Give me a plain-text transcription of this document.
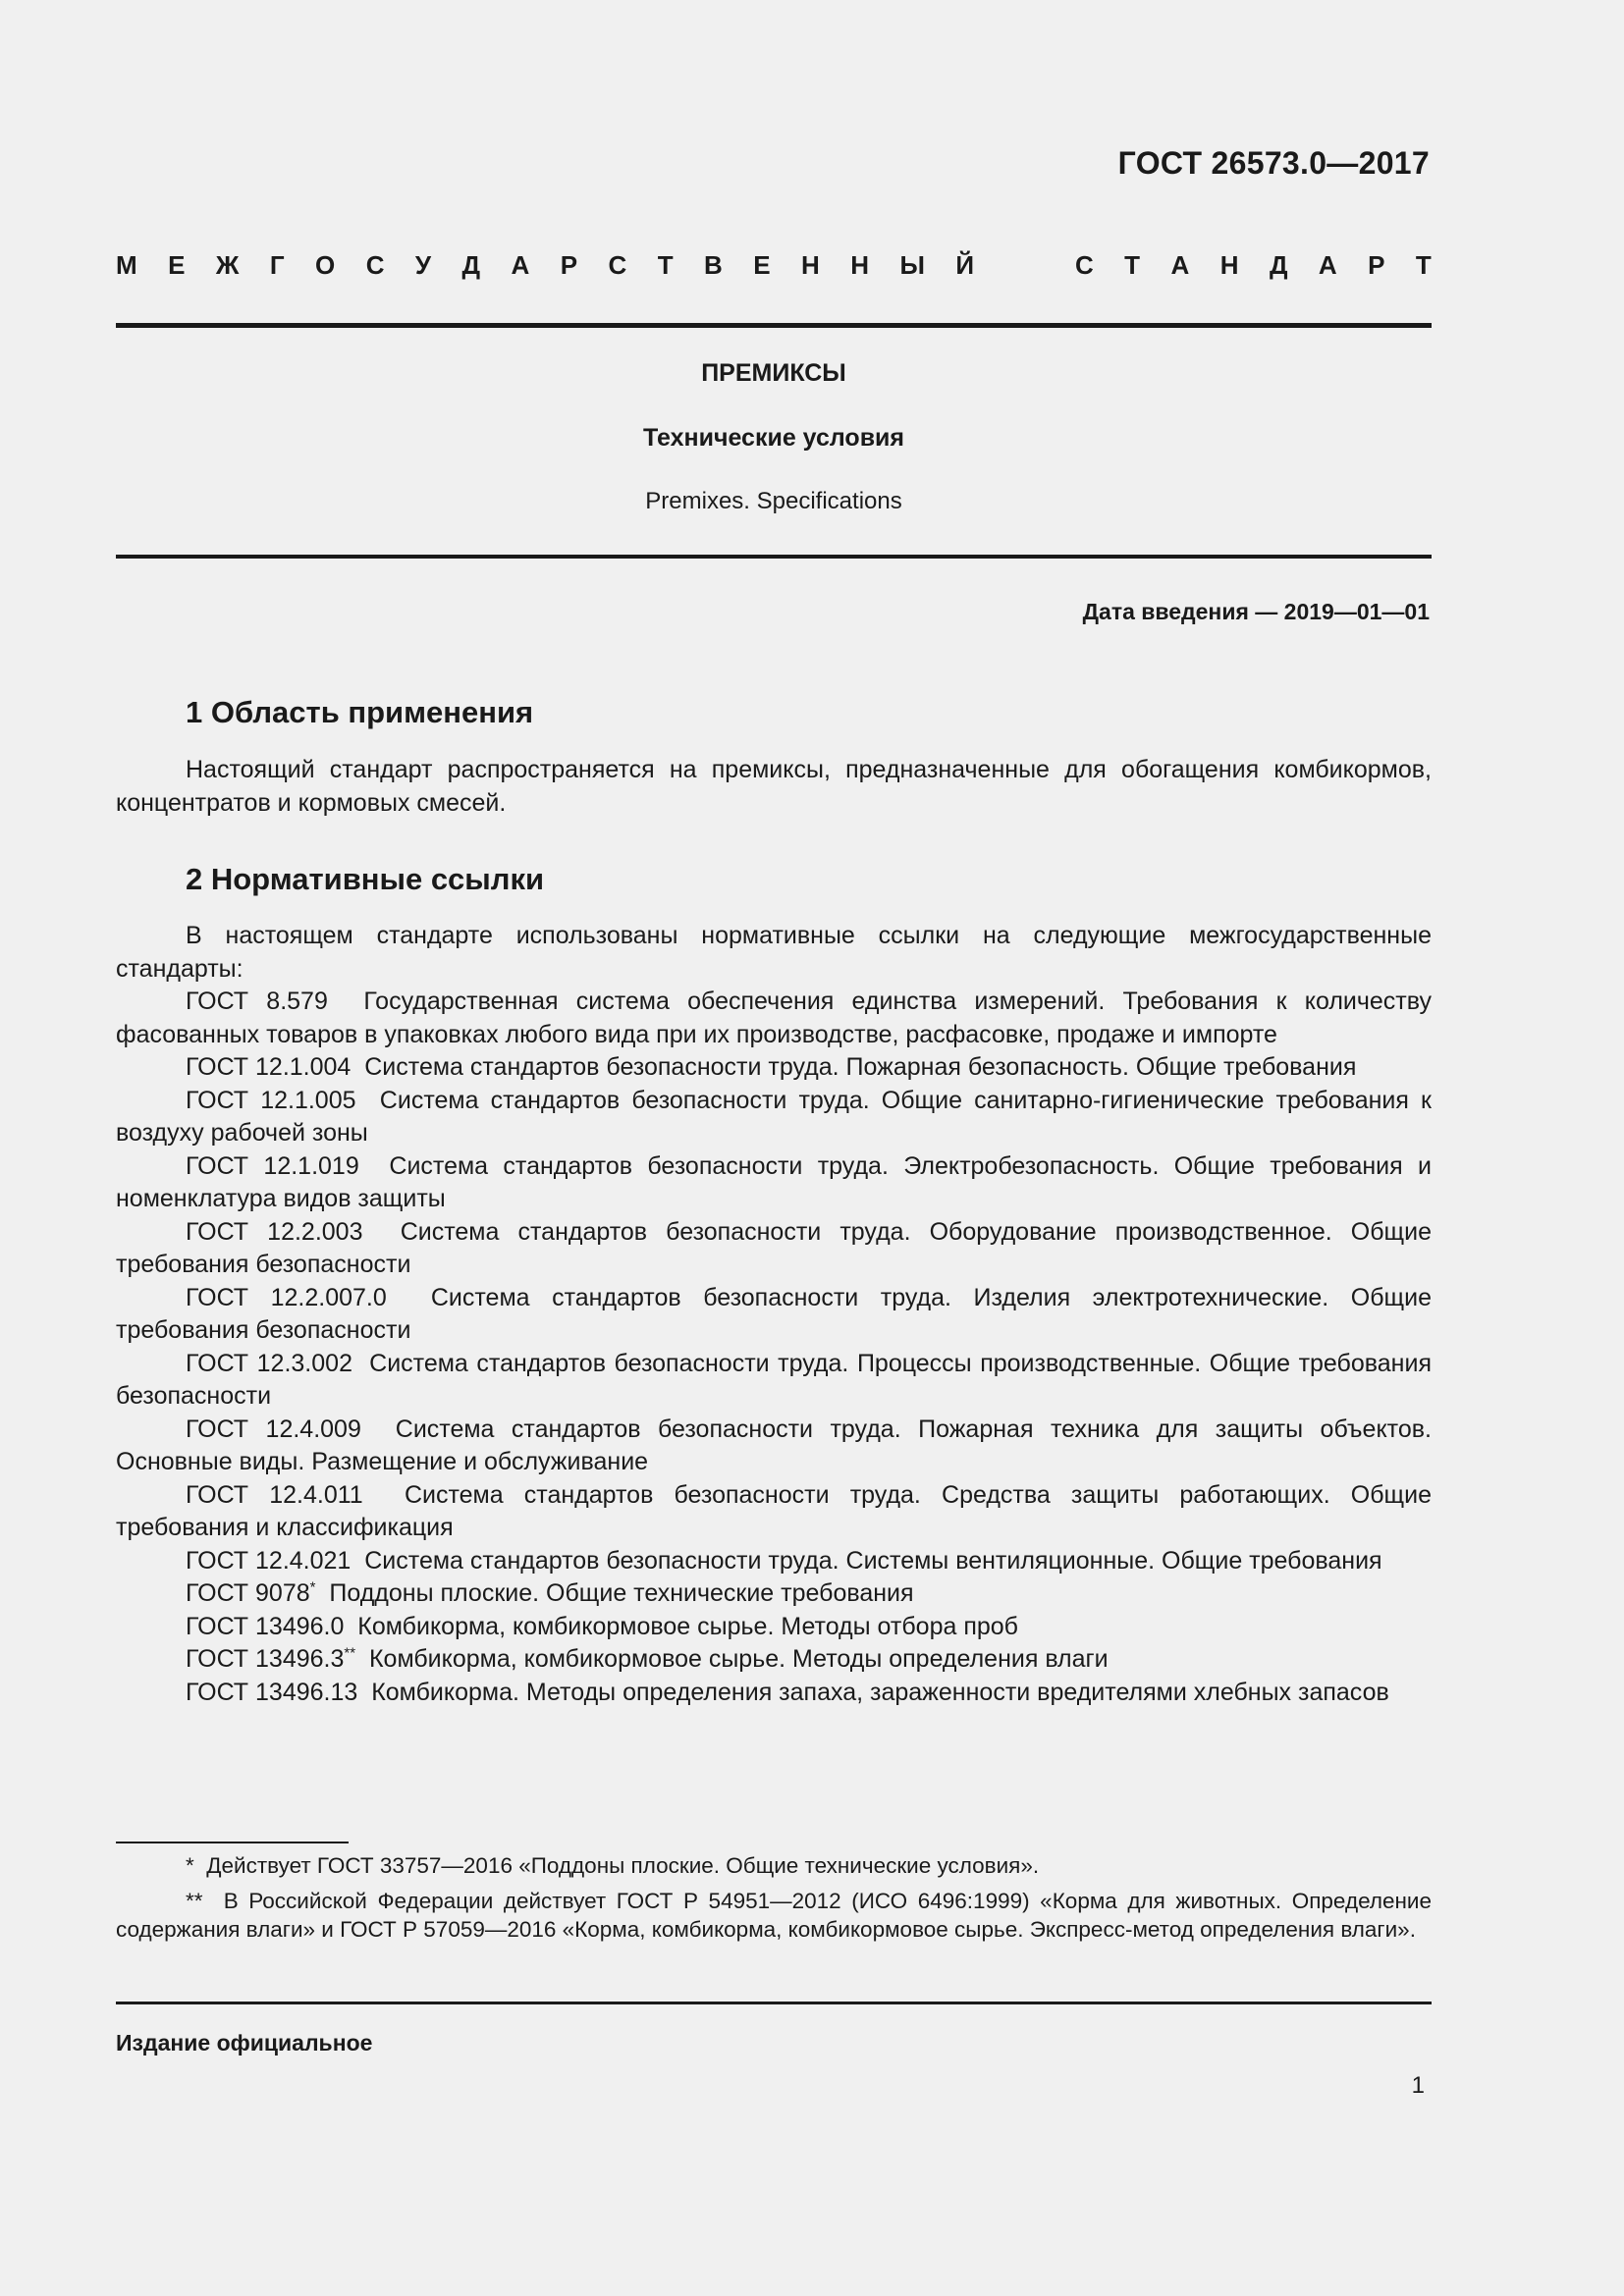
ГОСТ 26573.0—2017
М Е Ж Г О С У Д А Р С Т В Е Н Н Ы Й	С Т А Н Д А Р Т
ПРЕМИКСЫ
Технические условия
Premixes. Specifications
Дата введения — 2019—01—01
1 Область применения

Настоящий стандарт распространяется на премиксы, предназначенные для обогащения комбикормов, концентратов и кормовых смесей.

2 Нормативные ссылки

В настоящем стандарте использованы нормативные ссылки на следующие межгосударственные стандарты:

ГОСТ 8.579 Государственная система обеспечения единства измерений. Требования к количеству фасованных товаров в упаковках любого вида при их производстве, расфасовке, продаже и импорте

ГОСТ 12.1.004 Система стандартов безопасности труда. Пожарная безопасность. Общие требования

ГОСТ 12.1.005 Система стандартов безопасности труда. Общие санитарно-гигиенические требования к воздуху рабочей зоны

ГОСТ 12.1.019 Система стандартов безопасности труда. Электробезопасность. Общие требования и номенклатура видов защиты

ГОСТ 12.2.003 Система стандартов безопасности труда. Оборудование производственное. Общие требования безопасности

ГОСТ 12.2.007.0 Система стандартов безопасности труда. Изделия электротехнические. Общие требования безопасности

ГОСТ 12.3.002 Система стандартов безопасности труда. Процессы производственные. Общие требования безопасности

ГОСТ 12.4.009 Система стандартов безопасности труда. Пожарная техника для защиты объектов. Основные виды. Размещение и обслуживание

ГОСТ 12.4.011 Система стандартов безопасности труда. Средства защиты работающих. Общие требования и классификация

ГОСТ 12.4.021 Система стандартов безопасности труда. Системы вентиляционные. Общие требования

ГОСТ 9078* Поддоны плоские. Общие технические требования

ГОСТ 13496.0 Комбикорма, комбикормовое сырье. Методы отбора проб

ГОСТ 13496.3** Комбикорма, комбикормовое сырье. Методы определения влаги

ГОСТ 13496.13 Комбикорма. Методы определения запаха, зараженности вредителями хлебных запасов

* Действует ГОСТ 33757—2016 «Поддоны плоские. Общие технические условия».

** В Российской Федерации действует ГОСТ Р 54951—2012 (ИСО 6496:1999) «Корма для животных. Определение содержания влаги» и ГОСТ Р 57059—2016 «Корма, комбикорма, комбикормовое сырье. Экспресс-метод определения влаги».

Издание официальное
1
